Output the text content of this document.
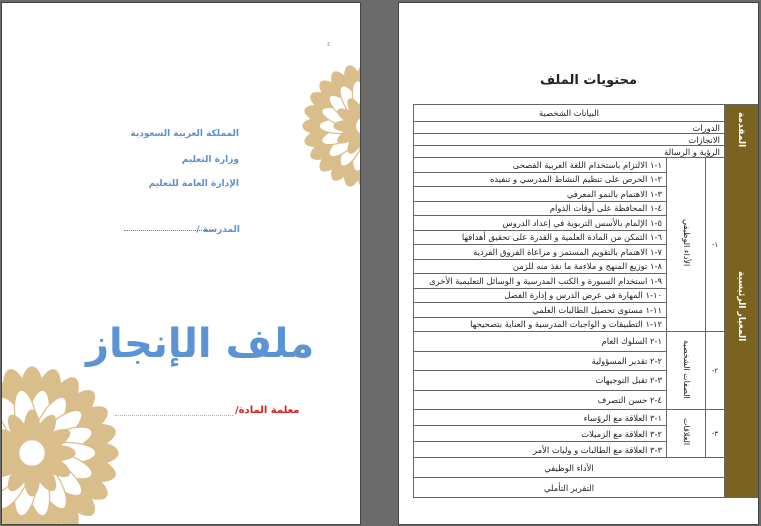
٤
المملكة العربية السعودية
وزارة التعليم
الإدارة العامة للتعليم
المدرسة /
ملف الإنجاز
معلمة المادة/
محتويات الملف
المقدمة	البيانات الشخصية		
	الدورات		
	الانجازات		
	الرؤية و الرسالة		
المعيار الرئيسية	١-	الأداء الوظيفي	١-١ الالتزام باستخدام اللغة العربية الفصحى
			٢-١ الحرص على تنظيم النشاط المدرسي و تنفيذه
			٣-١ الاهتمام بالنمو المعرفي
			٤-١ المحافظة على أوقات الدوام
			٥-١ الإلمام بالأسس التربوية في إعداد الدروس
			٦-١ التمكن من المادة العلمية و القدرة على تحقيق أهدافها
			٧-١ الاهتمام بالتقويم المستمر و مراعاة الفروق الفردية
			٨-١ توزيع المنهج و ملاءمة ما نفذ منه للزمن
			٩-١ استخدام السبورة و الكتب المدرسية و الوسائل التعليمية الأخرى
			١٠-١ المهارة في عرض الدرس و إدارة الفصل
			١١-١ مستوى تحصيل الطالبات العلمي
			١٢-١ التطبيقات و الواجبات المدرسية و العناية بتصحيحها
	٢-	الصفات الشخصية	١-٢ السلوك العام
			٢-٢ تقدير المسؤولية
			٣-٢ تقبل التوجيهات
			٤-٢ حسن التصرف
	٣-	العلاقات	١-٣ العلاقة مع الرؤساء
			٢-٣ العلاقة مع الزميلات
			٣-٣ العلاقة مع الطالبات و وليات الأمر
	الأداء الوظيفي		
	التقرير التأملي		
